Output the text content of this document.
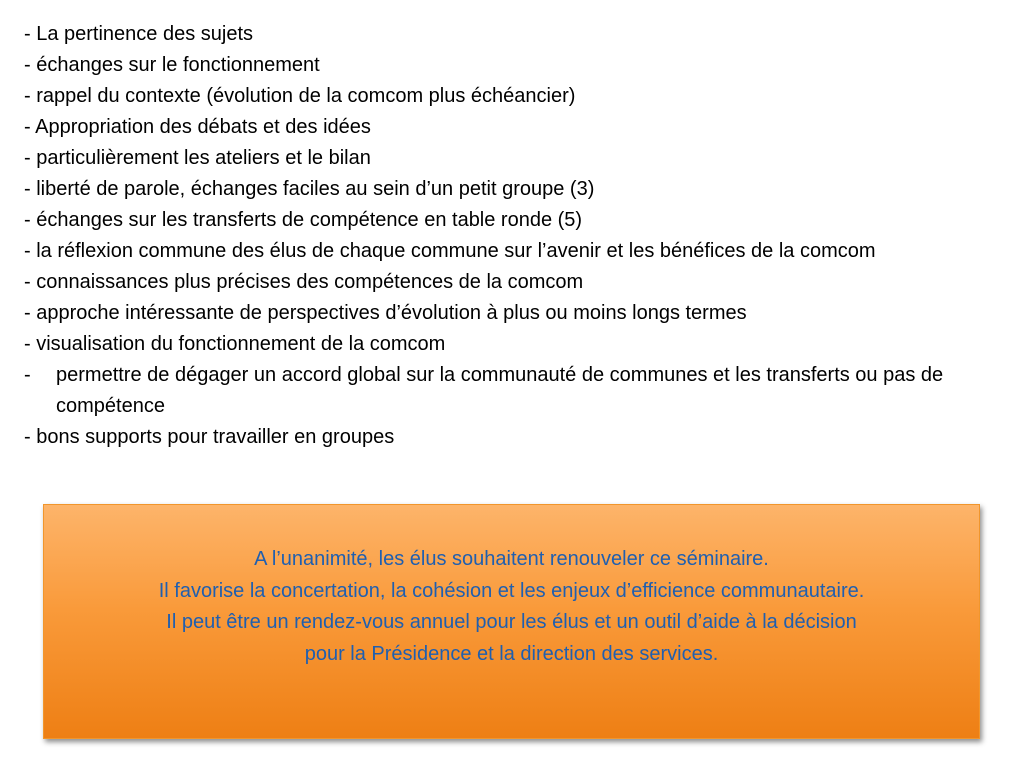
- La pertinence des sujets
- échanges sur le fonctionnement
- rappel du contexte (évolution de la comcom plus échéancier)
- Appropriation des débats et des idées
- particulièrement les ateliers et le bilan
- liberté de parole, échanges faciles au sein d’un petit groupe (3)
- échanges sur les transferts de compétence en table ronde (5)
- la réflexion commune des élus de chaque commune sur l’avenir et les bénéfices de la comcom
- connaissances plus précises des compétences de la comcom
- approche intéressante de perspectives d’évolution à plus ou moins longs termes
- visualisation du fonctionnement de la comcom
- permettre de dégager un accord global sur la communauté de communes et les transferts ou pas de compétence
- bons supports pour travailler en groupes

A l’unanimité, les élus souhaitent renouveler ce séminaire.
Il favorise la concertation, la cohésion et les enjeux d’efficience communautaire.
Il peut être un rendez-vous annuel pour les élus et un outil d’aide à la décision pour la Présidence et la direction des services.
